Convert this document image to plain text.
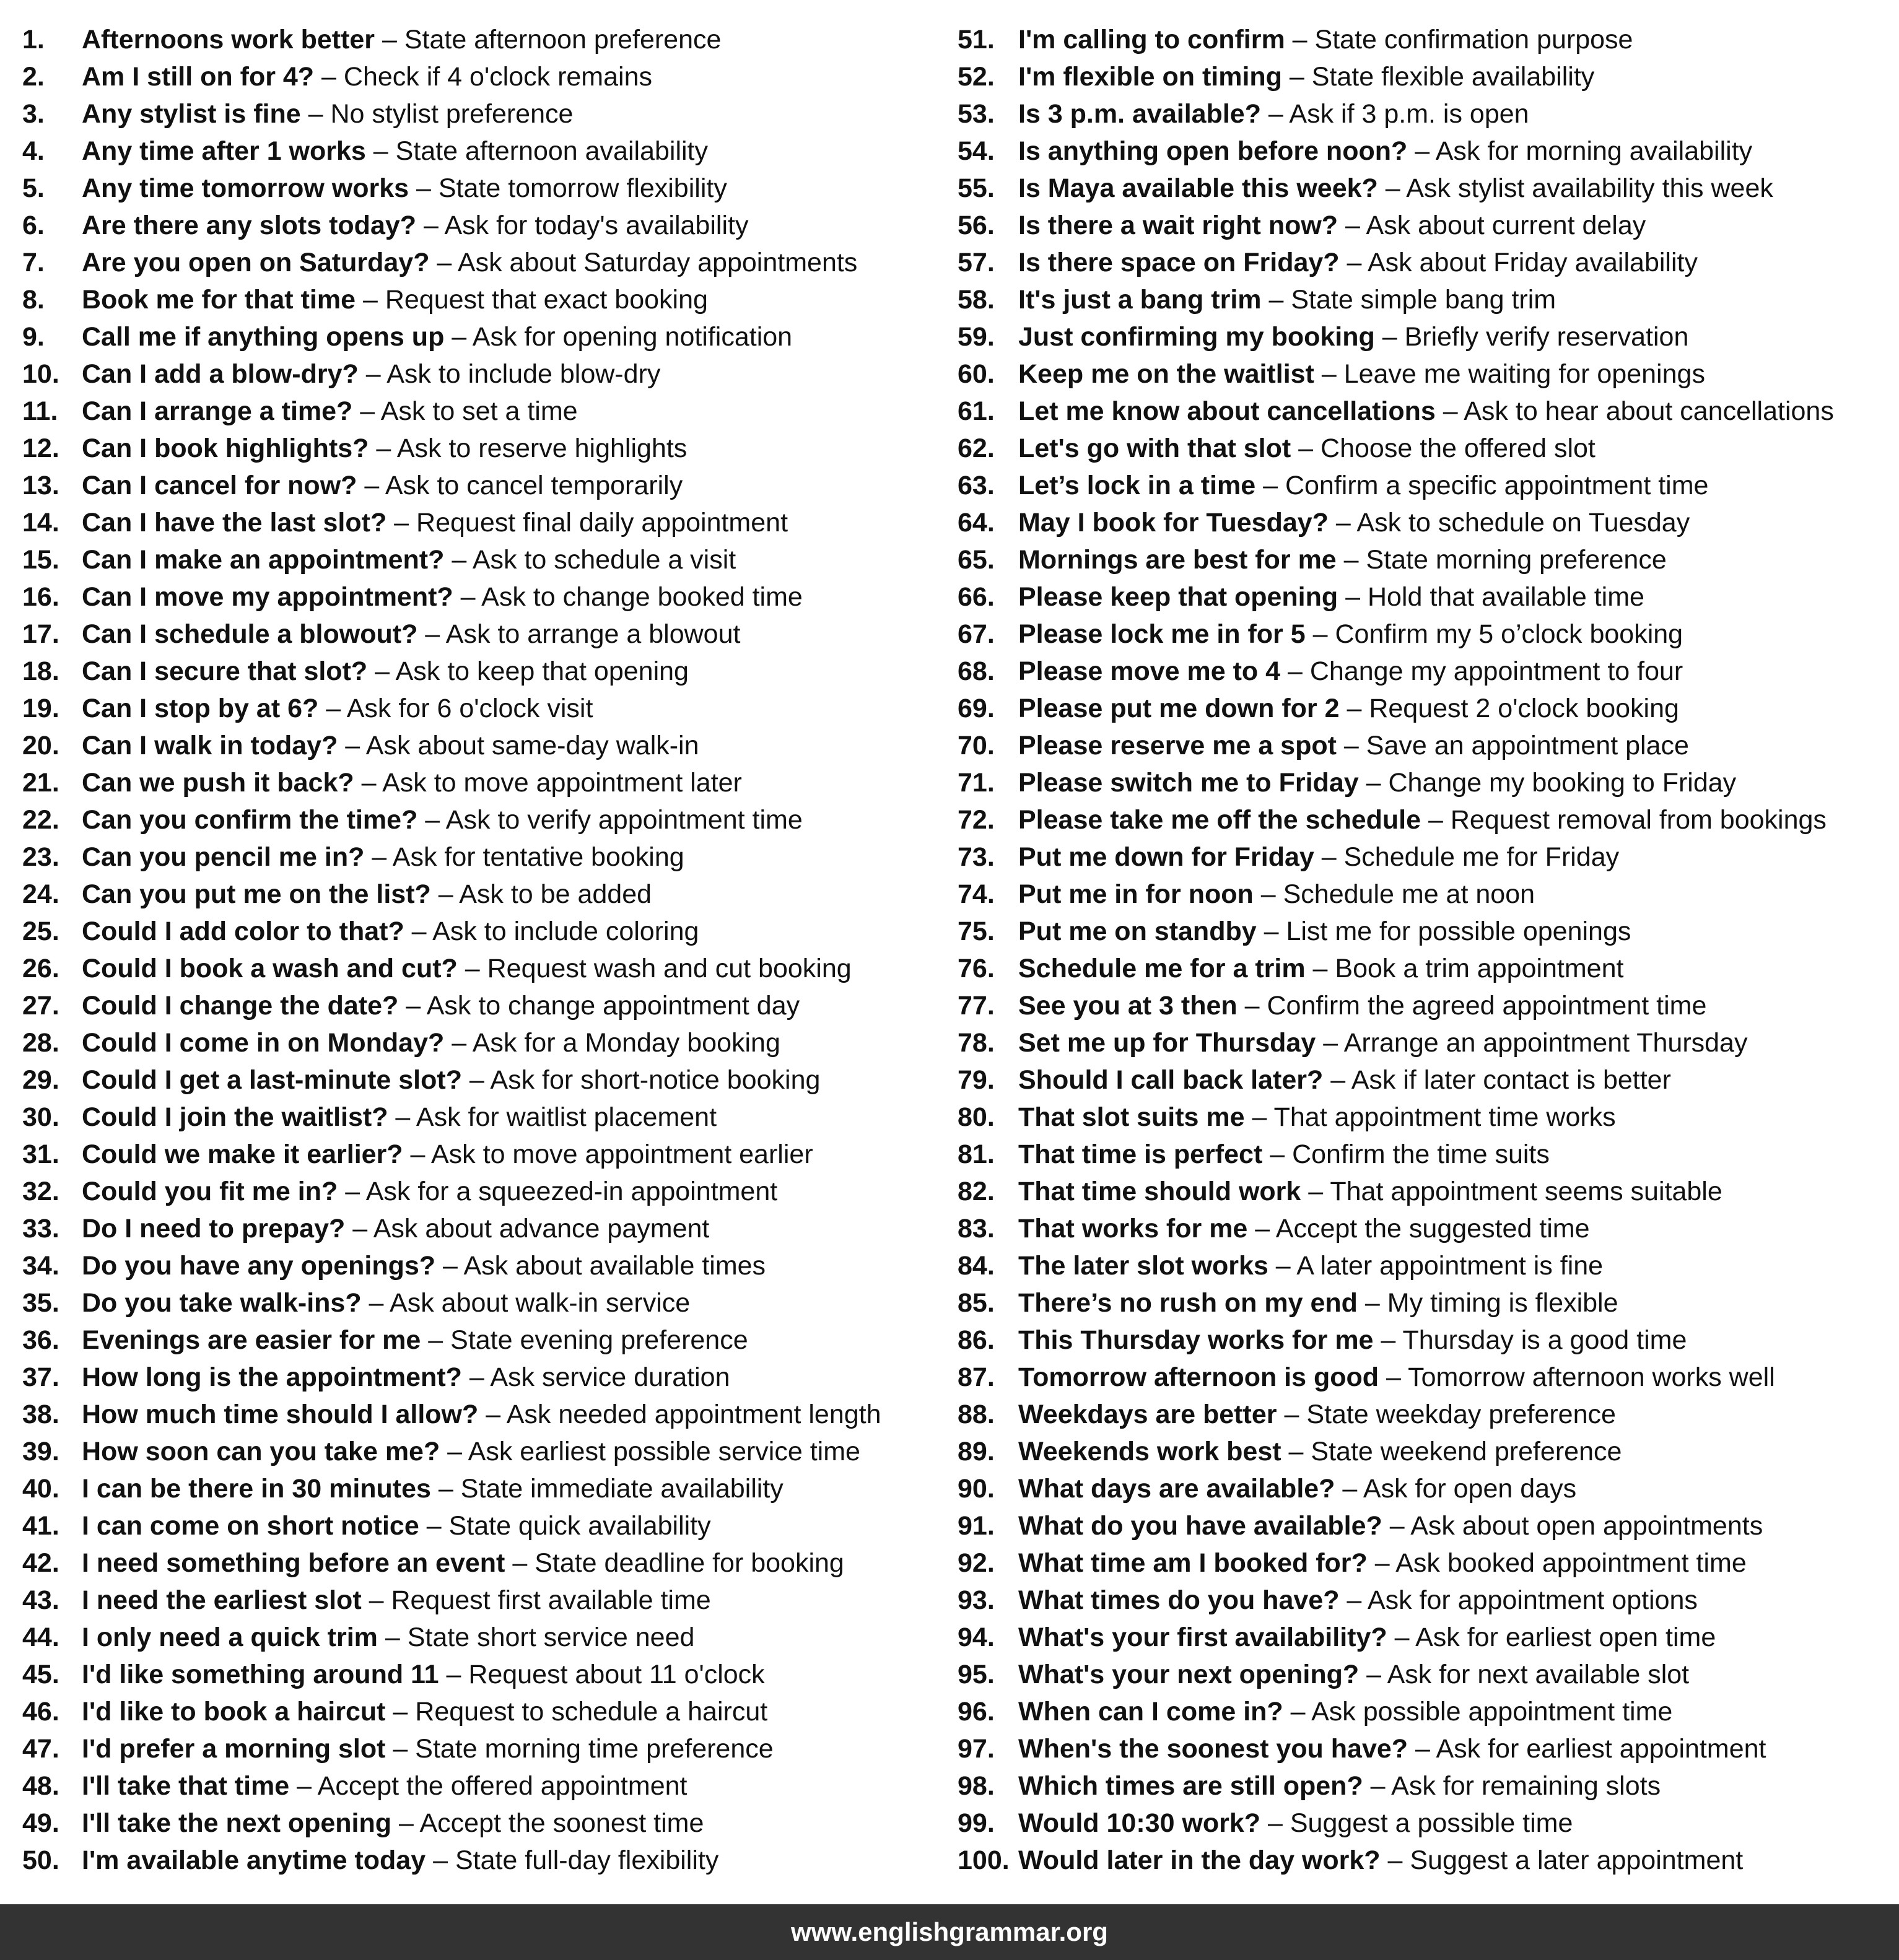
1.	Afternoons work better – State afternoon preference
2.	Am I still on for 4? – Check if 4 o'clock remains
3.	Any stylist is fine – No stylist preference
4.	Any time after 1 works – State afternoon availability
5.	Any time tomorrow works – State tomorrow flexibility
6.	Are there any slots today? – Ask for today's availability
7.	Are you open on Saturday? – Ask about Saturday appointments
8.	Book me for that time – Request that exact booking
9.	Call me if anything opens up – Ask for opening notification
10. Can I add a blow-dry? – Ask to include blow-dry
11. Can I arrange a time? – Ask to set a time
12. Can I book highlights? – Ask to reserve highlights
13. Can I cancel for now? – Ask to cancel temporarily
14. Can I have the last slot? – Request final daily appointment
15. Can I make an appointment? – Ask to schedule a visit
16. Can I move my appointment? – Ask to change booked time
17. Can I schedule a blowout? – Ask to arrange a blowout
18. Can I secure that slot? – Ask to keep that opening
19. Can I stop by at 6? – Ask for 6 o'clock visit
20. Can I walk in today? – Ask about same-day walk-in
21. Can we push it back? – Ask to move appointment later
22. Can you confirm the time? – Ask to verify appointment time
23. Can you pencil me in? – Ask for tentative booking
24. Can you put me on the list? – Ask to be added
25. Could I add color to that? – Ask to include coloring
26. Could I book a wash and cut? – Request wash and cut booking
27. Could I change the date? – Ask to change appointment day
28. Could I come in on Monday? – Ask for a Monday booking
29. Could I get a last-minute slot? – Ask for short-notice booking
30. Could I join the waitlist? – Ask for waitlist placement
31. Could we make it earlier? – Ask to move appointment earlier
32. Could you fit me in? – Ask for a squeezed-in appointment
33. Do I need to prepay? – Ask about advance payment
34. Do you have any openings? – Ask about available times
35. Do you take walk-ins? – Ask about walk-in service
36. Evenings are easier for me – State evening preference
37. How long is the appointment? – Ask service duration
38. How much time should I allow? – Ask needed appointment length
39. How soon can you take me? – Ask earliest possible service time
40. I can be there in 30 minutes – State immediate availability
41. I can come on short notice – State quick availability
42. I need something before an event – State deadline for booking
43. I need the earliest slot – Request first available time
44. I only need a quick trim – State short service need
45. I'd like something around 11 – Request about 11 o'clock
46. I'd like to book a haircut – Request to schedule a haircut
47. I'd prefer a morning slot – State morning time preference
48. I'll take that time – Accept the offered appointment
49. I'll take the next opening – Accept the soonest time
50. I'm available anytime today – State full-day flexibility
51. I'm calling to confirm – State confirmation purpose
52. I'm flexible on timing – State flexible availability
53. Is 3 p.m. available? – Ask if 3 p.m. is open
54. Is anything open before noon? – Ask for morning availability
55. Is Maya available this week? – Ask stylist availability this week
56. Is there a wait right now? – Ask about current delay
57. Is there space on Friday? – Ask about Friday availability
58. It's just a bang trim – State simple bang trim
59. Just confirming my booking – Briefly verify reservation
60. Keep me on the waitlist – Leave me waiting for openings
61. Let me know about cancellations – Ask to hear about cancellations
62. Let's go with that slot – Choose the offered slot
63. Let’s lock in a time – Confirm a specific appointment time
64. May I book for Tuesday? – Ask to schedule on Tuesday
65. Mornings are best for me – State morning preference
66. Please keep that opening – Hold that available time
67. Please lock me in for 5 – Confirm my 5 o’clock booking
68. Please move me to 4 – Change my appointment to four
69. Please put me down for 2 – Request 2 o'clock booking
70. Please reserve me a spot – Save an appointment place
71. Please switch me to Friday – Change my booking to Friday
72. Please take me off the schedule – Request removal from bookings
73. Put me down for Friday – Schedule me for Friday
74. Put me in for noon – Schedule me at noon
75. Put me on standby – List me for possible openings
76. Schedule me for a trim – Book a trim appointment
77. See you at 3 then – Confirm the agreed appointment time
78. Set me up for Thursday – Arrange an appointment Thursday
79. Should I call back later? – Ask if later contact is better
80. That slot suits me – That appointment time works
81. That time is perfect – Confirm the time suits
82. That time should work – That appointment seems suitable
83. That works for me – Accept the suggested time
84. The later slot works – A later appointment is fine
85. There’s no rush on my end – My timing is flexible
86. This Thursday works for me – Thursday is a good time
87. Tomorrow afternoon is good – Tomorrow afternoon works well
88. Weekdays are better – State weekday preference
89. Weekends work best – State weekend preference
90. What days are available? – Ask for open days
91. What do you have available? – Ask about open appointments
92. What time am I booked for? – Ask booked appointment time
93. What times do you have? – Ask for appointment options
94. What's your first availability? – Ask for earliest open time
95. What's your next opening? – Ask for next available slot
96. When can I come in? – Ask possible appointment time
97. When's the soonest you have? – Ask for earliest appointment
98. Which times are still open? – Ask for remaining slots
99. Would 10:30 work? – Suggest a possible time
100. Would later in the day work? – Suggest a later appointment
www.englishgrammar.org
